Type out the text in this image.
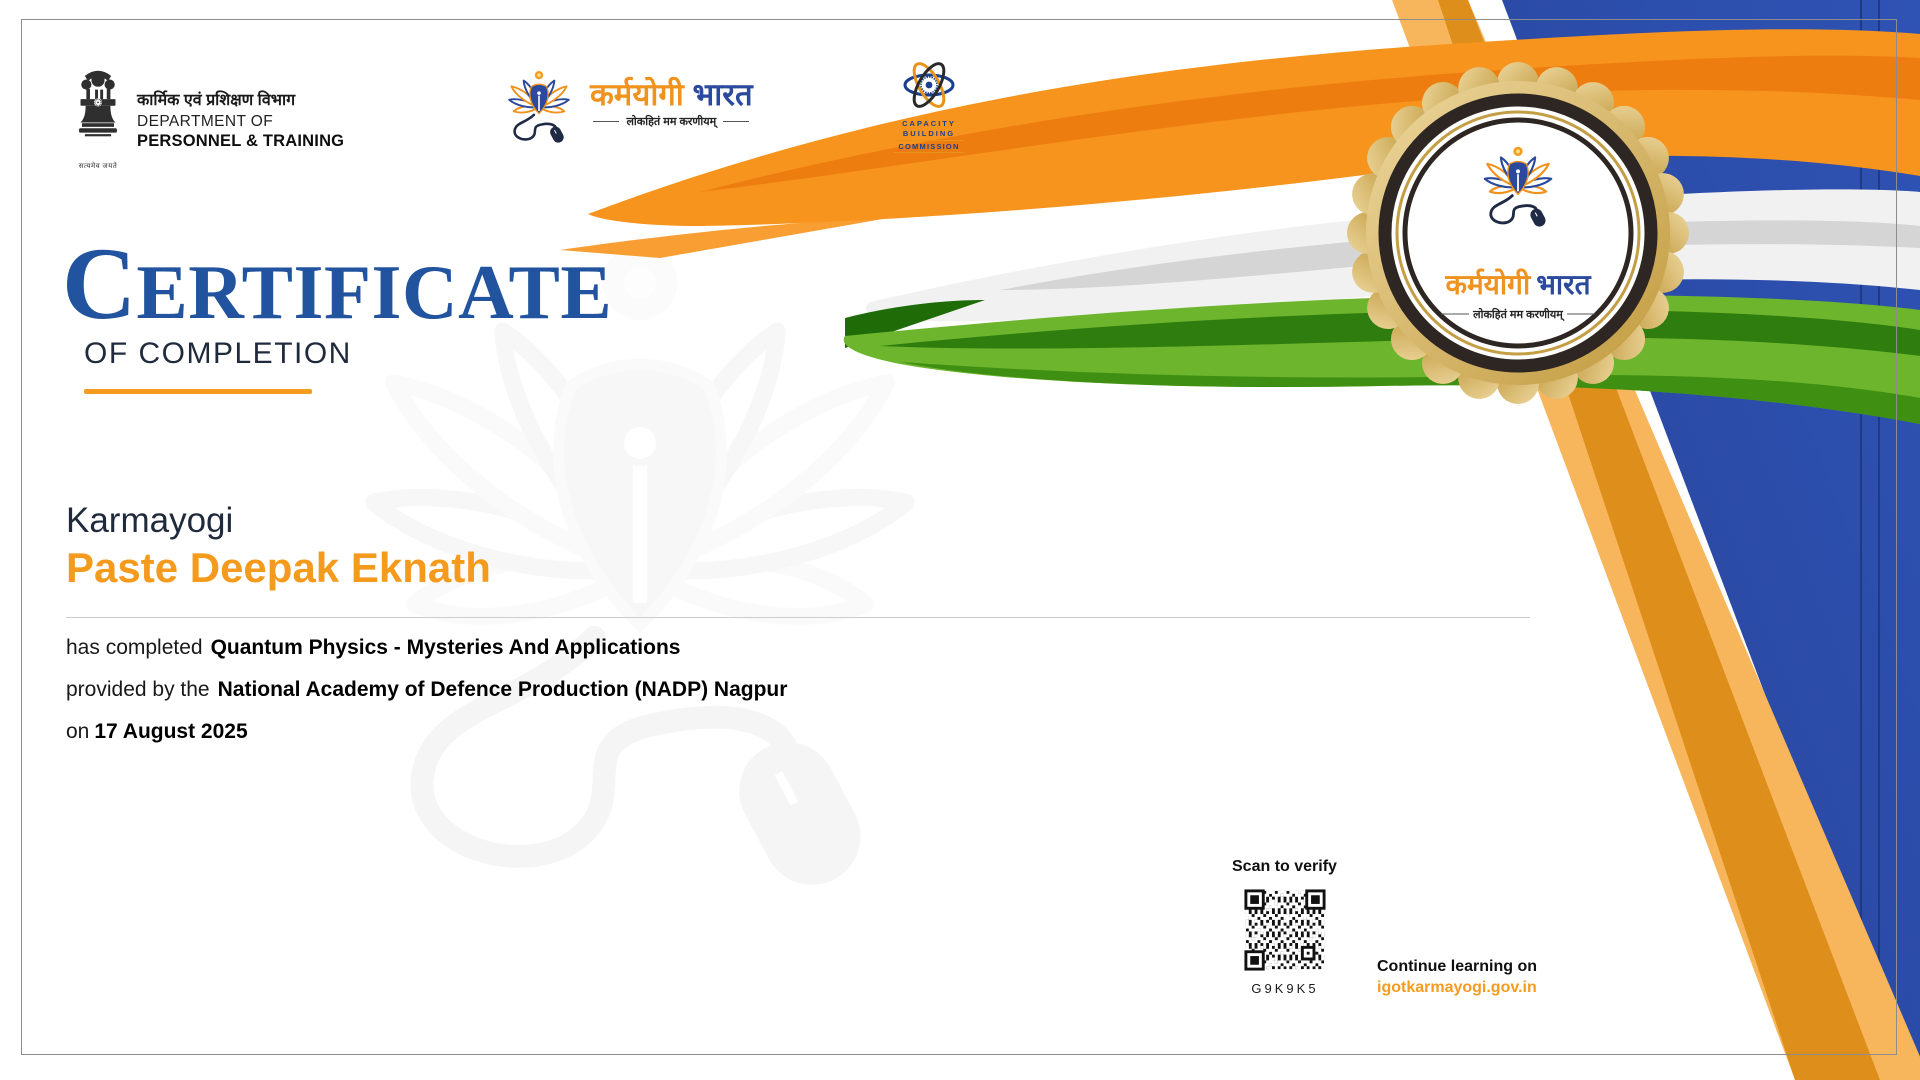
कर्मयोगी भारत
लोकहितं मम करणीयम्
सत्यमेव जयते
कार्मिक एवं प्रशिक्षण विभाग
DEPARTMENT OF
PERSONNEL & TRAINING
कर्मयोगी भारत
लोकहितं मम करणीयम्	CAPACITY
BUILDING
COMMISSION
CERTIFICATE
OF COMPLETION
Karmayogi
Paste Deepak Eknath

has completed Quantum Physics - Mysteries And Applications

provided by the National Academy of Defence Production (NADP) Nagpur

on 17 August 2025

Scan to verify
G9K9K5
Continue learning on
igotkarmayogi.gov.in
